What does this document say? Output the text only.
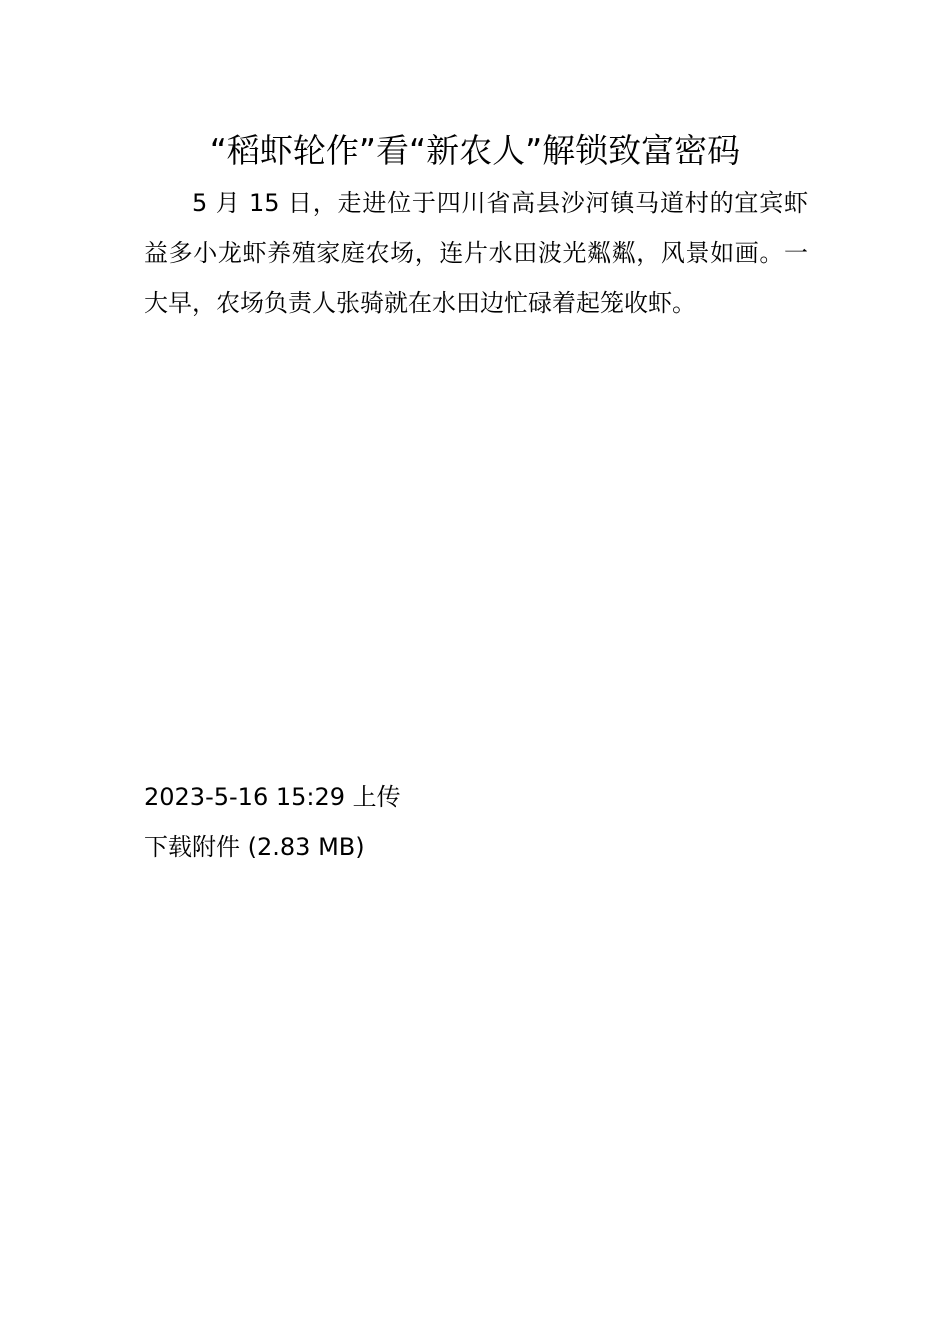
“稻虾轮作”看“新农人”解锁致富密码

5 月 15 日，走进位于四川省高县沙河镇马道村的宜宾虾益多小龙虾养殖家庭农场，连片水田波光粼粼，风景如画。一大早，农场负责人张骑就在水田边忙碌着起笼收虾。

2023-5-16 15:29 上传

下载附件 (2.83 MB)
